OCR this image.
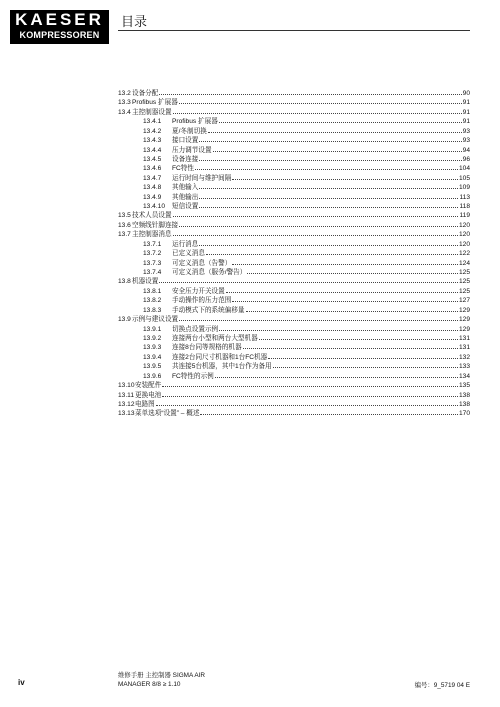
KAESER
KOMPRESSOREN
目录
13.2 设备分配	90
13.3 Profibus 扩展器	91
13.4 主控制器设置	91
13.4.1	Profibus 扩展器	91
13.4.2	夏/冬制切换	93
13.4.3	接口设置	93
13.4.4	压力调节设置	94
13.4.5	设备连接	96
13.4.6	FC特性	104
13.4.7	运行时间与维护间隔	105
13.4.8	其他输入	109
13.4.9	其他输出	113
13.4.10	短信设置	118
13.5 技术人员设置	119
13.6 空频线针脚连接	120
13.7 主控制器消息	120
13.7.1	运行消息	120
13.7.2	已定义消息	122
13.7.3	可定义消息（告警）	124
13.7.4	可定义消息（服务/警告）	125
13.8 机器设置	125
13.8.1	安全压力开关设置	125
13.8.2	手动操作的压力范围	127
13.8.3	手动模式下的系统偏移量	129
13.9 示例与建议设置	129
13.9.1	切换点设置示例	129
13.9.2	连接两台小型和两台大型机器	131
13.9.3	连接8台同等规格的机器	131
13.9.4	连接2台同尺寸机器和1台FC机器	132
13.9.5	共连接5台机器，其中1台作为备用	133
13.9.6	FC特性的示例	134
13.10 安装配件	135
13.11 更换电池	138
13.12 电路图	138
13.13 菜单选项“设置” – 概述	170
iv
维修手册 主控制器 SIGMA AIR
MANAGER 8/8 ≥ 1.10	编号：9_5719 04 E
